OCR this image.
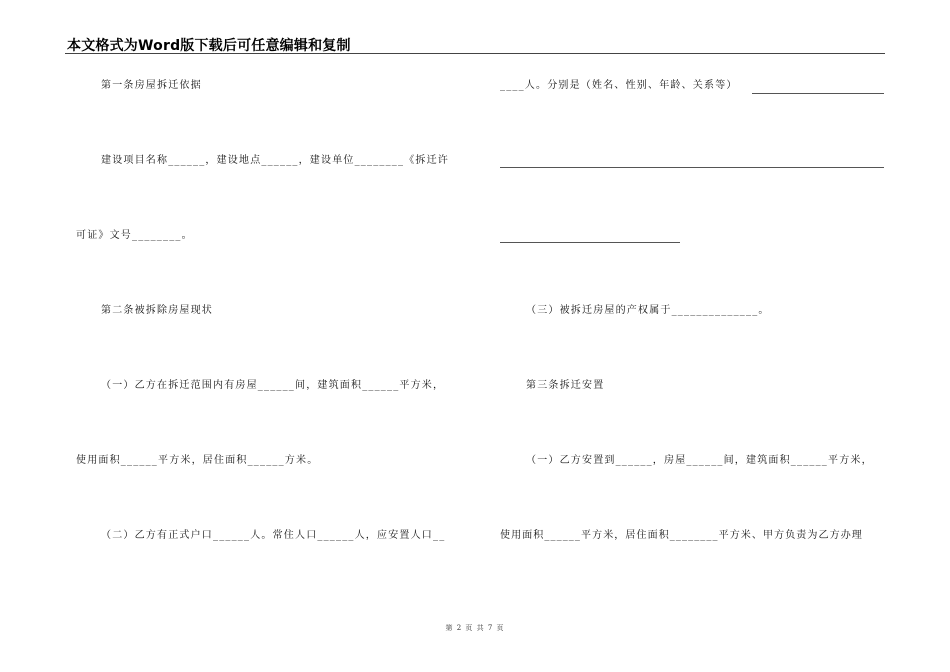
本文格式为Word版下载后可任意编辑和复制
第一条房屋拆迁依据
建设项目名称______，建设地点______，建设单位________《拆迁许
可证》文号________。
第二条被拆除房屋现状
（一）乙方在拆迁范围内有房屋______间，建筑面积______平方米，
使用面积______平方米，居住面积______方米。
（二）乙方有正式户口______人。常住人口______人，应安置人口__
____人。分别是（姓名、性别、年龄、关系等）
（三）被拆迁房屋的产权属于______________。
第三条拆迁安置
（一）乙方安置到______，房屋______间，建筑面积______平方米，
使用面积______平方米，居住面积________平方米、甲方负责为乙方办理
第 2 页 共 7 页
